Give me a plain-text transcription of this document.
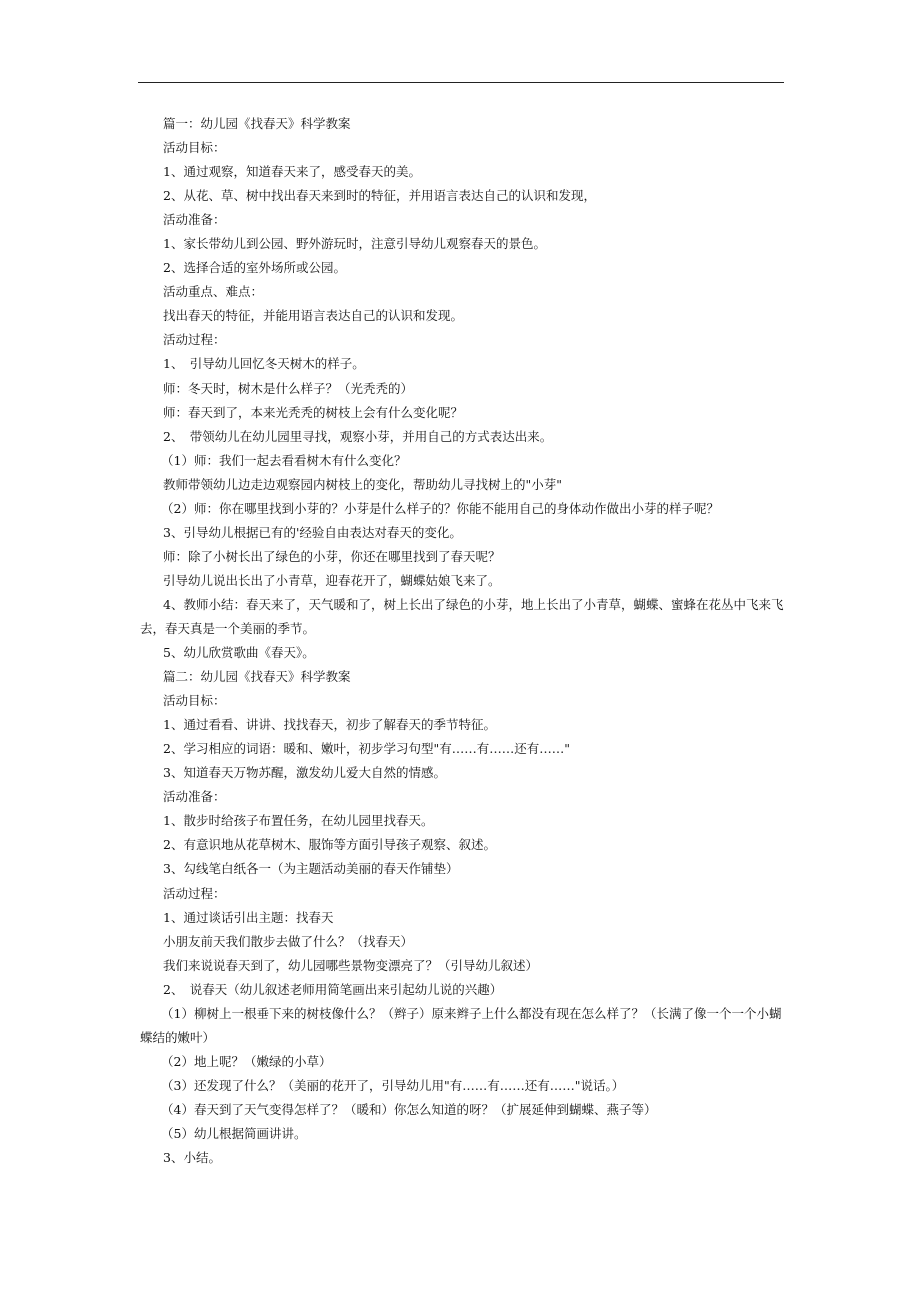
篇一：幼儿园《找春天》科学教案
活动目标：
1、通过观察，知道春天来了，感受春天的美。
2、从花、草、树中找出春天来到时的特征，并用语言表达自己的认识和发现，
活动准备：
1、家长带幼儿到公园、野外游玩时，注意引导幼儿观察春天的景色。
2、选择合适的室外场所或公园。
活动重点、难点：
找出春天的特征，并能用语言表达自己的认识和发现。
活动过程：
1、　引导幼儿回忆冬天树木的样子。
师：冬天时，树木是什么样子？（光秃秃的）
师：春天到了，本来光秃秃的树枝上会有什么变化呢？
2、　带领幼儿在幼儿园里寻找，观察小芽，并用自己的方式表达出来。
（1）师：我们一起去看看树木有什么变化？
教师带领幼儿边走边观察园内树枝上的变化，帮助幼儿寻找树上的"小芽"
（2）师：你在哪里找到小芽的？小芽是什么样子的？你能不能用自己的身体动作做出小芽的样子呢？
3、引导幼儿根据已有的'经验自由表达对春天的变化。
师：除了小树长出了绿色的小芽，你还在哪里找到了春天呢？
引导幼儿说出长出了小青草，迎春花开了，蝴蝶姑娘飞来了。
4、教师小结：春天来了，天气暖和了，树上长出了绿色的小芽，地上长出了小青草，蝴蝶、蜜蜂在花丛中飞来飞
去，春天真是一个美丽的季节。
5、幼儿欣赏歌曲《春天》。
篇二：幼儿园《找春天》科学教案
活动目标：
1、通过看看、讲讲、找找春天，初步了解春天的季节特征。
2、学习相应的词语：暖和、嫩叶，初步学习句型"有……有……还有……"
3、知道春天万物苏醒，激发幼儿爱大自然的情感。
活动准备：
1、散步时给孩子布置任务，在幼儿园里找春天。
2、有意识地从花草树木、服饰等方面引导孩子观察、叙述。
3、勾线笔白纸各一（为主题活动美丽的春天作铺垫）
活动过程：
1、通过谈话引出主题：找春天
小朋友前天我们散步去做了什么？（找春天）
我们来说说春天到了，幼儿园哪些景物变漂亮了？（引导幼儿叙述）
2、　说春天（幼儿叙述老师用简笔画出来引起幼儿说的兴趣）
（1）柳树上一根垂下来的树枝像什么？（辫子）原来辫子上什么都没有现在怎么样了？（长满了像一个一个小蝴
蝶结的嫩叶）
（2）地上呢？（嫩绿的小草）
（3）还发现了什么？（美丽的花开了，引导幼儿用"有……有……还有……"说话。）
（4）春天到了天气变得怎样了？（暖和）你怎么知道的呀？（扩展延伸到蝴蝶、燕子等）
（5）幼儿根据简画讲讲。
3、小结。
